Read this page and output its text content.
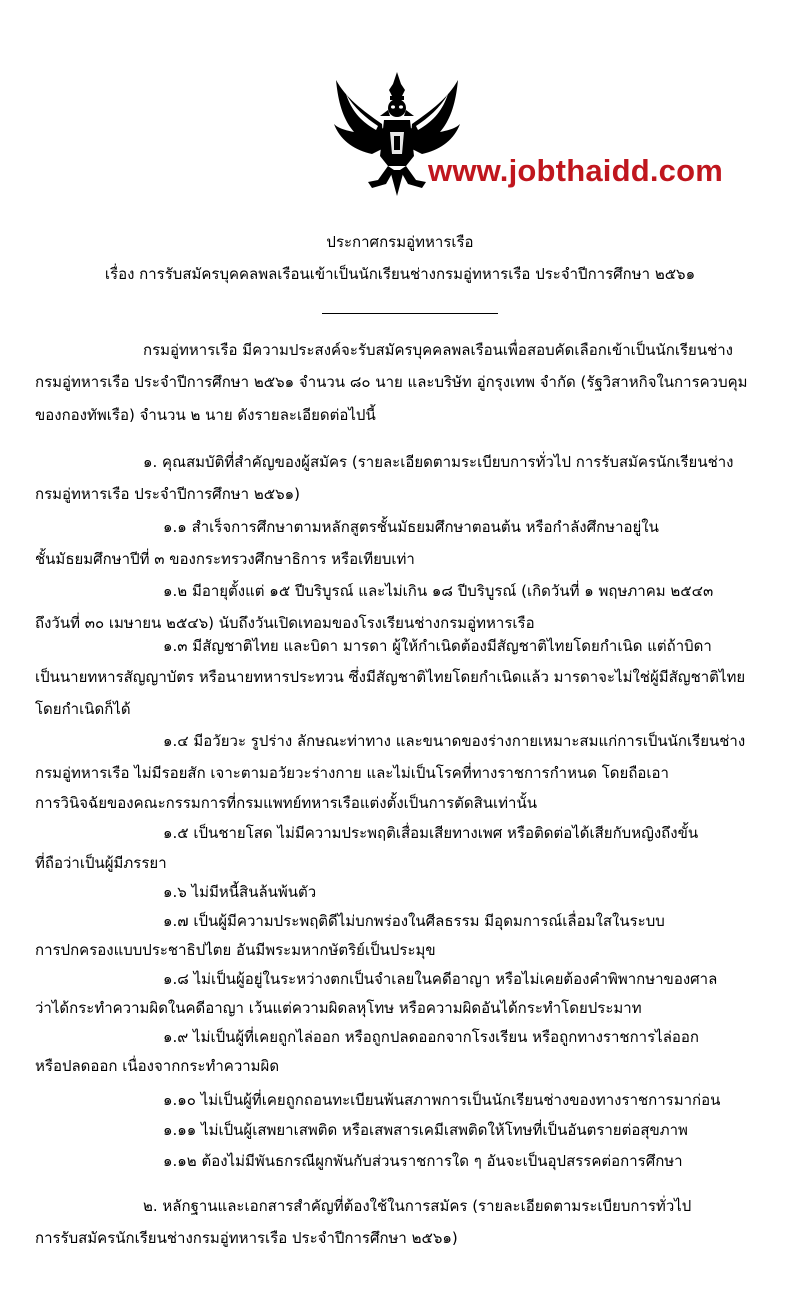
www.jobthaidd.com
ประกาศกรมอู่ทหารเรือ
เรื่อง การรับสมัครบุคคลพลเรือนเข้าเป็นนักเรียนช่างกรมอู่ทหารเรือ ประจำปีการศึกษา ๒๕๖๑
กรมอู่ทหารเรือ มีความประสงค์จะรับสมัครบุคคลพลเรือนเพื่อสอบคัดเลือกเข้าเป็นนักเรียนช่าง
กรมอู่ทหารเรือ ประจำปีการศึกษา ๒๕๖๑ จำนวน ๘๐ นาย และบริษัท อู่กรุงเทพ จำกัด (รัฐวิสาหกิจในการควบคุม
ของกองทัพเรือ) จำนวน ๒ นาย ดังรายละเอียดต่อไปนี้
๑. คุณสมบัติที่สำคัญของผู้สมัคร (รายละเอียดตามระเบียบการทั่วไป การรับสมัครนักเรียนช่าง
กรมอู่ทหารเรือ ประจำปีการศึกษา ๒๕๖๑)
๑.๑ สำเร็จการศึกษาตามหลักสูตรชั้นมัธยมศึกษาตอนต้น หรือกำลังศึกษาอยู่ใน
ชั้นมัธยมศึกษาปีที่ ๓ ของกระทรวงศึกษาธิการ หรือเทียบเท่า
๑.๒ มีอายุตั้งแต่ ๑๕ ปีบริบูรณ์ และไม่เกิน ๑๘ ปีบริบูรณ์ (เกิดวันที่ ๑ พฤษภาคม ๒๕๔๓
ถึงวันที่ ๓๐ เมษายน ๒๕๔๖) นับถึงวันเปิดเทอมของโรงเรียนช่างกรมอู่ทหารเรือ
๑.๓ มีสัญชาติไทย และบิดา มารดา ผู้ให้กำเนิดต้องมีสัญชาติไทยโดยกำเนิด แต่ถ้าบิดา
เป็นนายทหารสัญญาบัตร หรือนายทหารประทวน ซึ่งมีสัญชาติไทยโดยกำเนิดแล้ว มารดาจะไม่ใช่ผู้มีสัญชาติไทย
โดยกำเนิดก็ได้
๑.๔ มีอวัยวะ รูปร่าง ลักษณะท่าทาง และขนาดของร่างกายเหมาะสมแก่การเป็นนักเรียนช่าง
กรมอู่ทหารเรือ ไม่มีรอยสัก เจาะตามอวัยวะร่างกาย และไม่เป็นโรคที่ทางราชการกำหนด โดยถือเอา
การวินิจฉัยของคณะกรรมการที่กรมแพทย์ทหารเรือแต่งตั้งเป็นการตัดสินเท่านั้น
๑.๕ เป็นชายโสด ไม่มีความประพฤติเสื่อมเสียทางเพศ หรือติดต่อได้เสียกับหญิงถึงขั้น
ที่ถือว่าเป็นผู้มีภรรยา
๑.๖ ไม่มีหนี้สินล้นพ้นตัว
๑.๗ เป็นผู้มีความประพฤติดีไม่บกพร่องในศีลธรรม มีอุดมการณ์เลื่อมใสในระบบ
การปกครองแบบประชาธิปไตย อันมีพระมหากษัตริย์เป็นประมุข
๑.๘ ไม่เป็นผู้อยู่ในระหว่างตกเป็นจำเลยในคดีอาญา หรือไม่เคยต้องคำพิพากษาของศาล
ว่าได้กระทำความผิดในคดีอาญา เว้นแต่ความผิดลหุโทษ หรือความผิดอันได้กระทำโดยประมาท
๑.๙ ไม่เป็นผู้ที่เคยถูกไล่ออก หรือถูกปลดออกจากโรงเรียน หรือถูกทางราชการไล่ออก
หรือปลดออก เนื่องจากกระทำความผิด
๑.๑๐ ไม่เป็นผู้ที่เคยถูกถอนทะเบียนพ้นสภาพการเป็นนักเรียนช่างของทางราชการมาก่อน
๑.๑๑ ไม่เป็นผู้เสพยาเสพติด หรือเสพสารเคมีเสพติดให้โทษที่เป็นอันตรายต่อสุขภาพ
๑.๑๒ ต้องไม่มีพันธกรณีผูกพันกับส่วนราชการใด ๆ อันจะเป็นอุปสรรคต่อการศึกษา
๒. หลักฐานและเอกสารสำคัญที่ต้องใช้ในการสมัคร (รายละเอียดตามระเบียบการทั่วไป
การรับสมัครนักเรียนช่างกรมอู่ทหารเรือ ประจำปีการศึกษา ๒๕๖๑)
